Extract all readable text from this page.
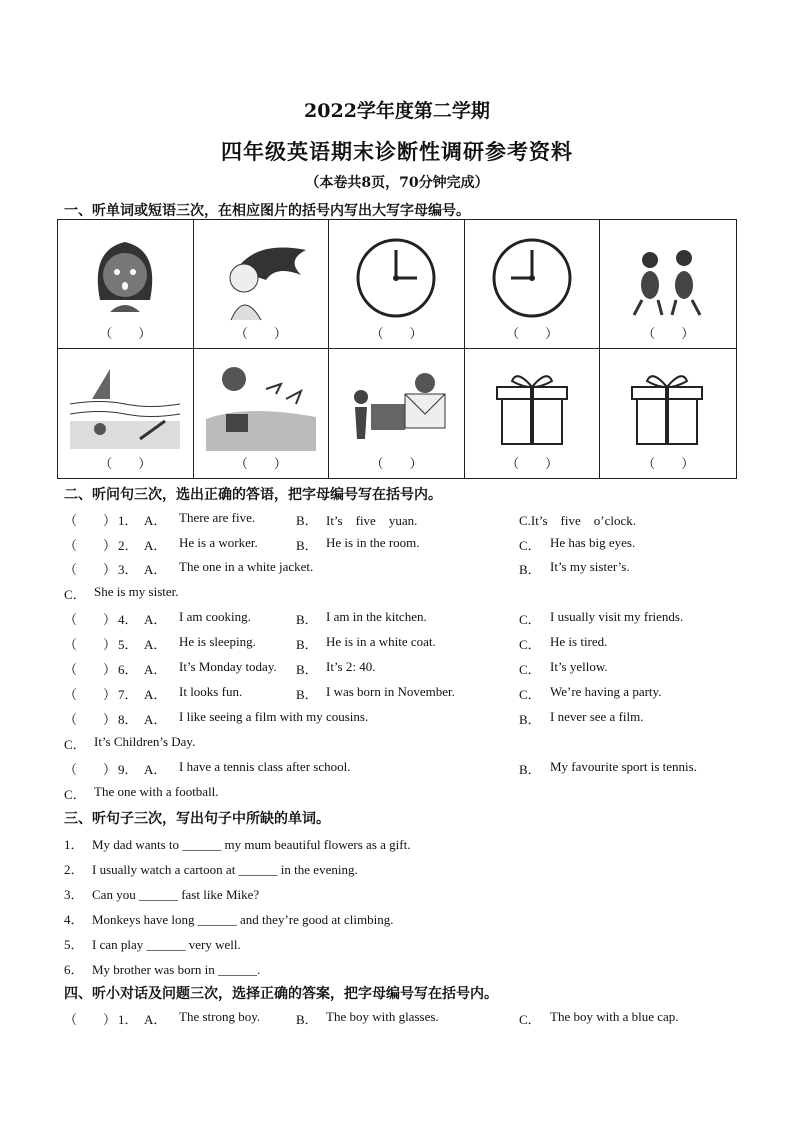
2022学年度第二学期
四年级英语期末诊断性调研参考资料
（本卷共8页，70分钟完成）
一、听单词或短语三次，在相应图片的括号内写出大写字母编号。
（　　）	（　　）	（　　）	（　　）	（　　）
（　　）	（　　）	（　　）	（　　）	（　　）
二、听问句三次，选出正确的答语，把字母编号写在括号内。
（　　） 1． A． There are five.	B． It’s　five　yuan.	C.It’s　five　o’clock.
（　　） 2． A． He is a worker.	B． He is in the room.	C． He has big eyes.
（　　） 3． A． The one in a white jacket.	B． It’s my sister’s.
C． She is my sister.
（　　） 4． A． I am cooking.	B． I am in the kitchen.	C． I usually visit my friends.
（　　） 5． A． He is sleeping.	B． He is in a white coat.	C． He is tired.
（　　） 6． A． It’s Monday today. B． It’s 2: 40.	C． It’s yellow.
（　　） 7． A． It looks fun.	B． I was born in November.	C． We’re having a party.
（　　） 8． A． I like seeing a film with my cousins.	B． I never see a film.
C． It’s Children’s Day.
（　　） 9． A． I have a tennis class after school.	B． My favourite sport is tennis.
C． The one with a football.
三、听句子三次，写出句子中所缺的单词。
1． My dad wants to ______ my mum beautiful flowers as a gift.
2． I usually watch a cartoon at ______ in the evening.
3． Can you ______ fast like Mike?
4． Monkeys have long ______ and they’re good at climbing.
5． I can play ______ very well.
6． My brother was born in ______.
四、听小对话及问题三次，选择正确的答案，把字母编号写在括号内。
（　　） 1． A． The strong boy.	B． The boy with glasses.	C． The boy with a blue cap.
